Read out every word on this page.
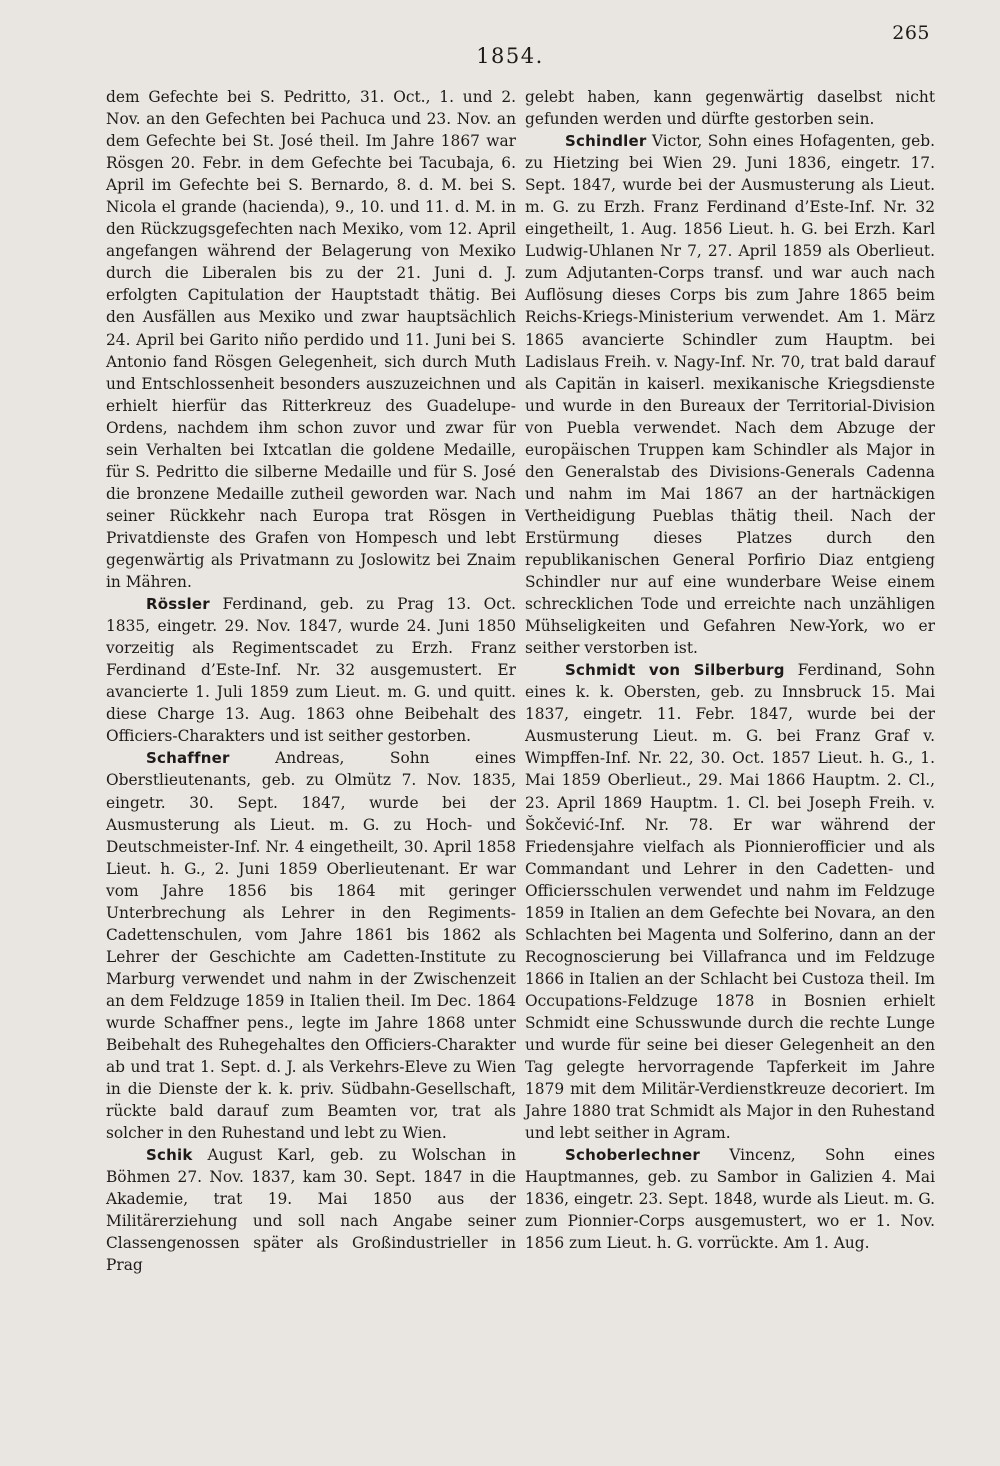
265
1854.

dem Gefechte bei S. Pedritto, 31. Oct., 1. und 2. Nov. an den Gefechten bei Pachuca und 23. Nov. an dem Gefechte bei St. José theil. Im Jahre 1867 war Rösgen 20. Febr. in dem Gefechte bei Tacubaja, 6. April im Gefechte bei S. Bernardo, 8. d. M. bei S. Nicola el grande (hacienda), 9., 10. und 11. d. M. in den Rückzugsgefechten nach Mexiko, vom 12. April angefangen während der Belagerung von Mexiko durch die Liberalen bis zu der 21. Juni d. J. erfolgten Capitulation der Hauptstadt thätig. Bei den Ausfällen aus Mexiko und zwar hauptsächlich 24. April bei Garito niño perdido und 11. Juni bei S. Antonio fand Rösgen Gelegenheit, sich durch Muth und Entschlossenheit besonders auszuzeichnen und erhielt hierfür das Ritterkreuz des Guadelupe-Ordens, nachdem ihm schon zuvor und zwar für sein Verhalten bei Ixtcatlan die goldene Medaille, für S. Pedritto die silberne Medaille und für S. José die bronzene Medaille zutheil geworden war. Nach seiner Rückkehr nach Europa trat Rösgen in Privatdienste des Grafen von Hompesch und lebt gegenwärtig als Privatmann zu Joslowitz bei Znaim in Mähren.

Rössler Ferdinand, geb. zu Prag 13. Oct. 1835, eingetr. 29. Nov. 1847, wurde 24. Juni 1850 vorzeitig als Regimentscadet zu Erzh. Franz Ferdinand d’Este-Inf. Nr. 32 ausgemustert. Er avancierte 1. Juli 1859 zum Lieut. m. G. und quitt. diese Charge 13. Aug. 1863 ohne Beibehalt des Officiers-Charakters und ist seither gestorben.

Schaffner Andreas, Sohn eines Oberstlieutenants, geb. zu Olmütz 7. Nov. 1835, eingetr. 30. Sept. 1847, wurde bei der Ausmusterung als Lieut. m. G. zu Hoch- und Deutschmeister-Inf. Nr. 4 eingetheilt, 30. April 1858 Lieut. h. G., 2. Juni 1859 Oberlieutenant. Er war vom Jahre 1856 bis 1864 mit geringer Unterbrechung als Lehrer in den Regiments-Cadettenschulen, vom Jahre 1861 bis 1862 als Lehrer der Geschichte am Cadetten-Institute zu Marburg verwendet und nahm in der Zwischenzeit an dem Feldzuge 1859 in Italien theil. Im Dec. 1864 wurde Schaffner pens., legte im Jahre 1868 unter Beibehalt des Ruhegehaltes den Officiers-Charakter ab und trat 1. Sept. d. J. als Verkehrs-Eleve zu Wien in die Dienste der k. k. priv. Südbahn-Gesellschaft, rückte bald darauf zum Beamten vor, trat als solcher in den Ruhestand und lebt zu Wien.

Schik August Karl, geb. zu Wolschan in Böhmen 27. Nov. 1837, kam 30. Sept. 1847 in die Akademie, trat 19. Mai 1850 aus der Militärerziehung und soll nach Angabe seiner Classengenossen später als Großindustrieller in Prag

gelebt haben, kann gegenwärtig daselbst nicht gefunden werden und dürfte gestorben sein.

Schindler Victor, Sohn eines Hofagenten, geb. zu Hietzing bei Wien 29. Juni 1836, eingetr. 17. Sept. 1847, wurde bei der Ausmusterung als Lieut. m. G. zu Erzh. Franz Ferdinand d’Este-Inf. Nr. 32 eingetheilt, 1. Aug. 1856 Lieut. h. G. bei Erzh. Karl Ludwig-Uhlanen Nr 7, 27. April 1859 als Oberlieut. zum Adjutanten-Corps transf. und war auch nach Auflösung dieses Corps bis zum Jahre 1865 beim Reichs-Kriegs-Ministerium verwendet. Am 1. März 1865 avancierte Schindler zum Hauptm. bei Ladislaus Freih. v. Nagy-Inf. Nr. 70, trat bald darauf als Capitän in kaiserl. mexikanische Kriegsdienste und wurde in den Bureaux der Territorial-Division von Puebla verwendet. Nach dem Abzuge der europäischen Truppen kam Schindler als Major in den Generalstab des Divisions-Generals Cadenna und nahm im Mai 1867 an der hartnäckigen Vertheidigung Pueblas thätig theil. Nach der Erstürmung dieses Platzes durch den republikanischen General Porfirio Diaz entgieng Schindler nur auf eine wunderbare Weise einem schrecklichen Tode und erreichte nach unzähligen Mühseligkeiten und Gefahren New-York, wo er seither verstorben ist.

Schmidt von Silberburg Ferdinand, Sohn eines k. k. Obersten, geb. zu Innsbruck 15. Mai 1837, eingetr. 11. Febr. 1847, wurde bei der Ausmusterung Lieut. m. G. bei Franz Graf v. Wimpffen-Inf. Nr. 22, 30. Oct. 1857 Lieut. h. G., 1. Mai 1859 Oberlieut., 29. Mai 1866 Hauptm. 2. Cl., 23. April 1869 Hauptm. 1. Cl. bei Joseph Freih. v. Šokčević-Inf. Nr. 78. Er war während der Friedensjahre vielfach als Pionnierofficier und als Commandant und Lehrer in den Cadetten- und Officiersschulen verwendet und nahm im Feldzuge 1859 in Italien an dem Gefechte bei Novara, an den Schlachten bei Magenta und Solferino, dann an der Recognoscierung bei Villafranca und im Feldzuge 1866 in Italien an der Schlacht bei Custoza theil. Im Occupations-Feldzuge 1878 in Bosnien erhielt Schmidt eine Schusswunde durch die rechte Lunge und wurde für seine bei dieser Gelegenheit an den Tag gelegte hervorragende Tapferkeit im Jahre 1879 mit dem Militär-Verdienstkreuze decoriert. Im Jahre 1880 trat Schmidt als Major in den Ruhestand und lebt seither in Agram.

Schoberlechner Vincenz, Sohn eines Hauptmannes, geb. zu Sambor in Galizien 4. Mai 1836, eingetr. 23. Sept. 1848, wurde als Lieut. m. G. zum Pionnier-Corps ausgemustert, wo er 1. Nov. 1856 zum Lieut. h. G. vorrückte. Am 1. Aug.
